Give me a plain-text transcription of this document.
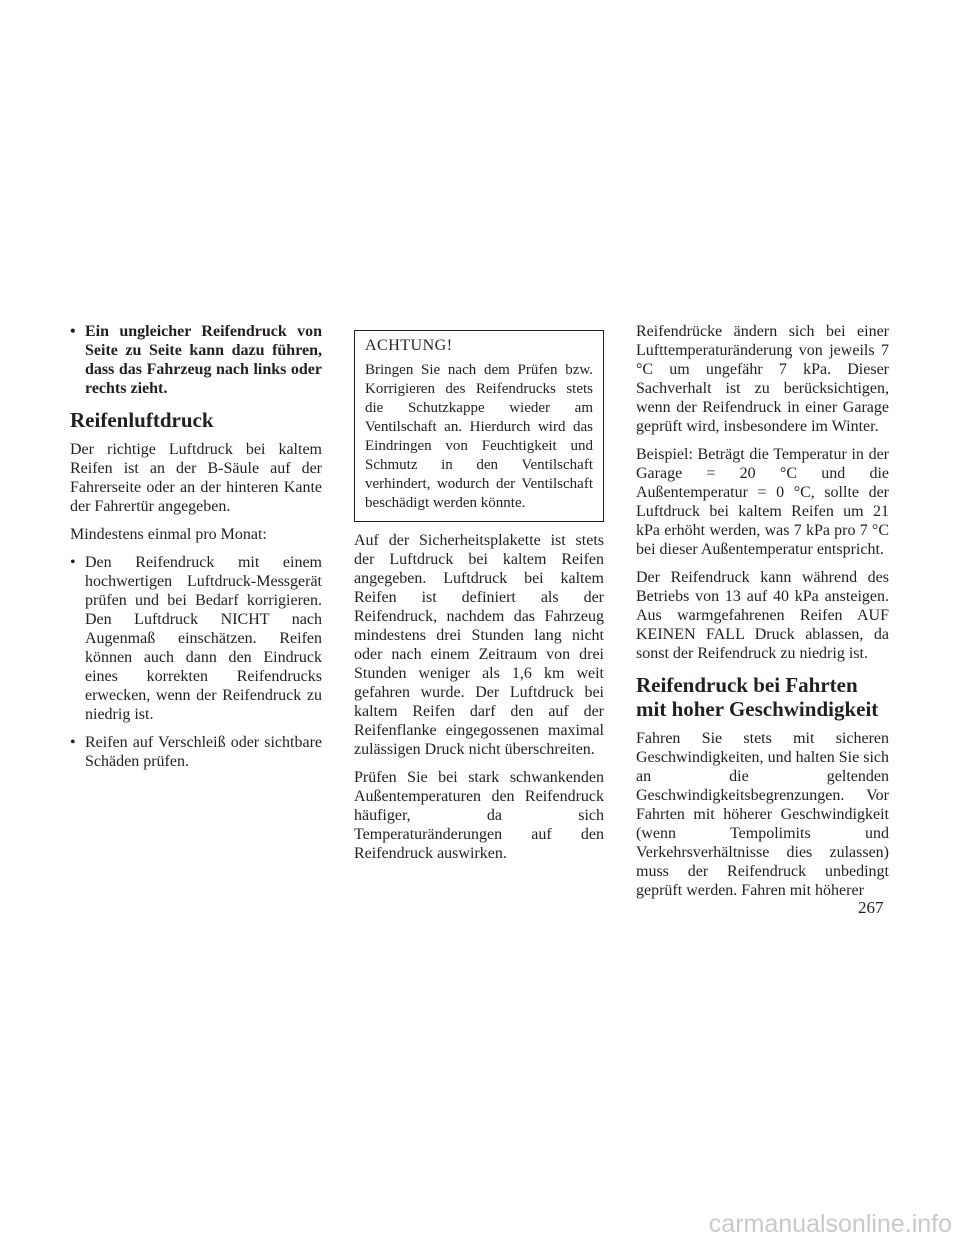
• Ein ungleicher Reifendruck von Seite zu Seite kann dazu führen, dass das Fahrzeug nach links oder rechts zieht.
Reifenluftdruck

Der richtige Luftdruck bei kaltem Reifen ist an der B-Säule auf der Fahrerseite oder an der hinteren Kante der Fahrertür angegeben.

Mindestens einmal pro Monat:

• Den Reifendruck mit einem hochwertigen Luftdruck-Messgerät prüfen und bei Bedarf korrigieren. Den Luftdruck NICHT nach Augenmaß einschätzen. Reifen können auch dann den Eindruck eines korrekten Reifendrucks erwecken, wenn der Reifendruck zu niedrig ist.
• Reifen auf Verschleiß oder sichtbare Schäden prüfen.
ACHTUNG!

Bringen Sie nach dem Prüfen bzw. Korrigieren des Reifendrucks stets die Schutzkappe wieder am Ventilschaft an. Hierdurch wird das Eindringen von Feuchtigkeit und Schmutz in den Ventilschaft verhindert, wodurch der Ventilschaft beschädigt werden könnte.

Auf der Sicherheitsplakette ist stets der Luftdruck bei kaltem Reifen angegeben. Luftdruck bei kaltem Reifen ist definiert als der Reifendruck, nachdem das Fahrzeug mindestens drei Stunden lang nicht oder nach einem Zeitraum von drei Stunden weniger als 1,6 km weit gefahren wurde. Der Luftdruck bei kaltem Reifen darf den auf der Reifenflanke eingegossenen maximal zulässigen Druck nicht überschreiten.

Prüfen Sie bei stark schwankenden Außentemperaturen den Reifendruck häufiger, da sich Temperaturänderungen auf den Reifendruck auswirken.

Reifendrücke ändern sich bei einer Lufttemperaturänderung von jeweils 7 °C um ungefähr 7 kPa. Dieser Sachverhalt ist zu berücksichtigen, wenn der Reifendruck in einer Garage geprüft wird, insbesondere im Winter.

Beispiel: Beträgt die Temperatur in der Garage = 20 °C und die Außentemperatur = 0 °C, sollte der Luftdruck bei kaltem Reifen um 21 kPa erhöht werden, was 7 kPa pro 7 °C bei dieser Außentemperatur entspricht.

Der Reifendruck kann während des Betriebs von 13 auf 40 kPa ansteigen. Aus warmgefahrenen Reifen AUF KEINEN FALL Druck ablassen, da sonst der Reifendruck zu niedrig ist.

Reifendruck bei Fahrten mit hoher Geschwindigkeit

Fahren Sie stets mit sicheren Geschwindigkeiten, und halten Sie sich an die geltenden Geschwindigkeitsbegrenzungen. Vor Fahrten mit höherer Geschwindigkeit (wenn Tempolimits und Verkehrsverhältnisse dies zulassen) muss der Reifendruck unbedingt geprüft werden. Fahren mit höherer

267
carmanualsonline.info
